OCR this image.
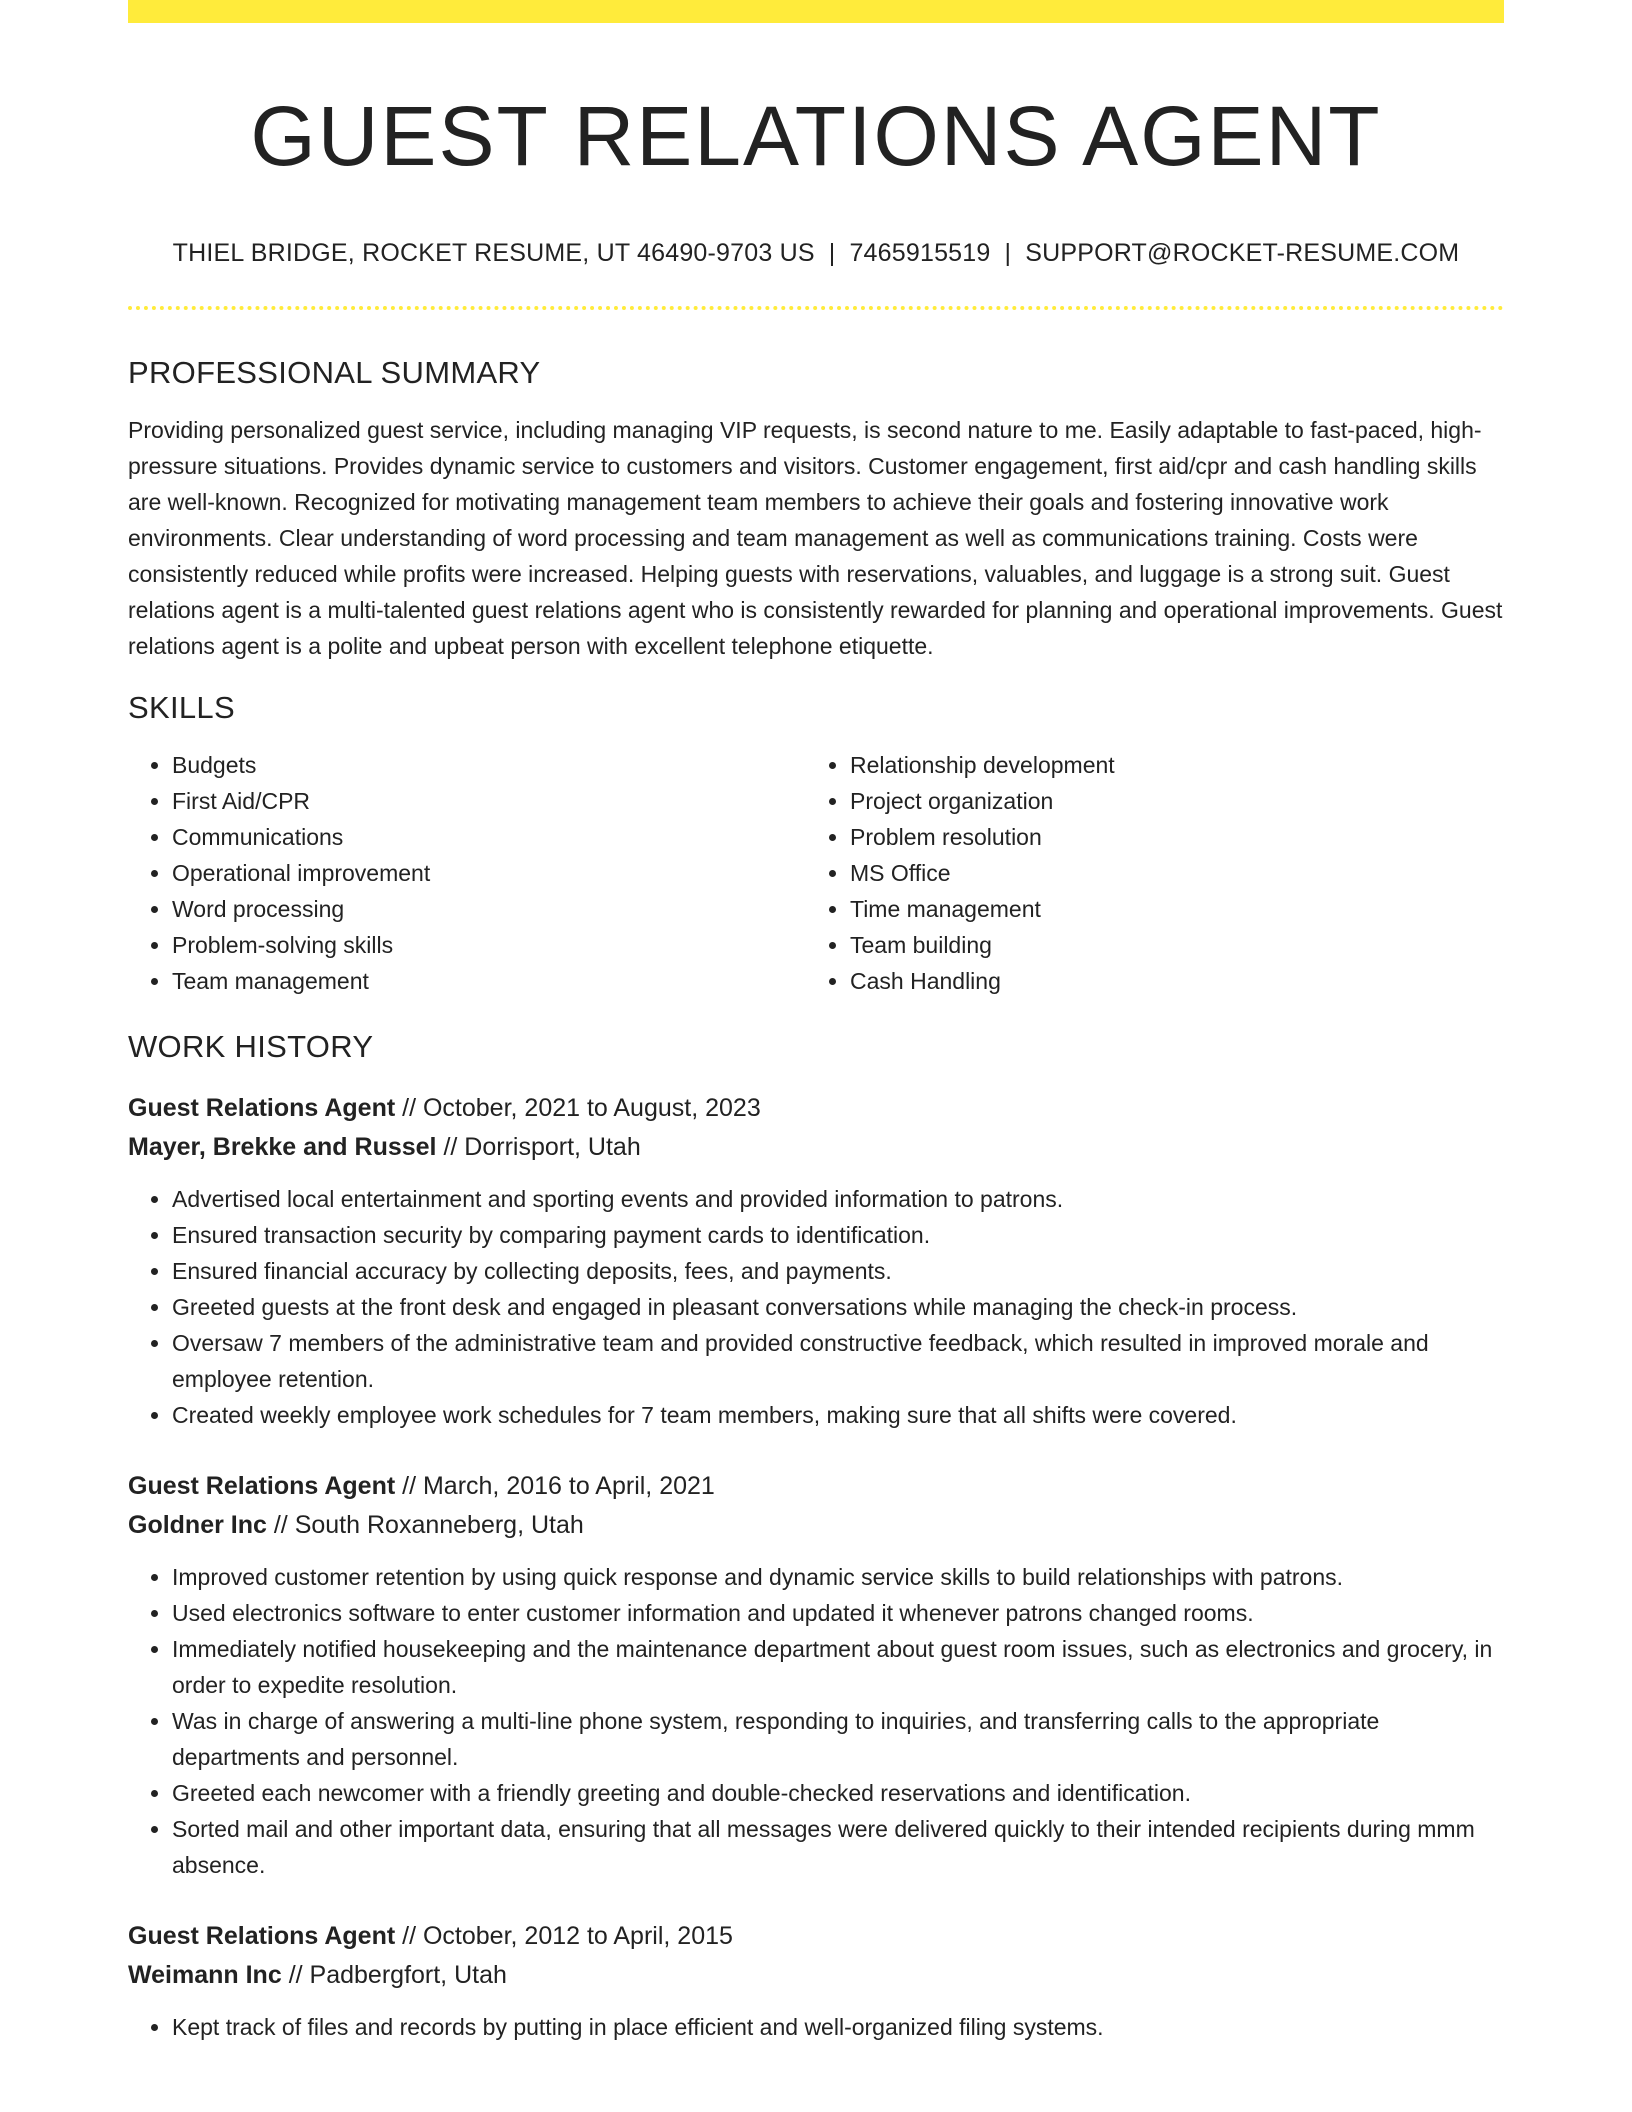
GUEST RELATIONS AGENT
THIEL BRIDGE, ROCKET RESUME, UT 46490-9703 US | 7465915519 | SUPPORT@ROCKET-RESUME.COM
PROFESSIONAL SUMMARY

Providing personalized guest service, including managing VIP requests, is second nature to me. Easily adaptable to fast-paced, high-pressure situations. Provides dynamic service to customers and visitors. Customer engagement, first aid/cpr and cash handling skills are well-known. Recognized for motivating management team members to achieve their goals and fostering innovative work environments. Clear understanding of word processing and team management as well as communications training. Costs were consistently reduced while profits were increased. Helping guests with reservations, valuables, and luggage is a strong suit. Guest relations agent is a multi-talented guest relations agent who is consistently rewarded for planning and operational improvements. Guest relations agent is a polite and upbeat person with excellent telephone etiquette.

SKILLS
• Budgets
• First Aid/CPR
• Communications
• Operational improvement
• Word processing
• Problem-solving skills
• Team management
• Relationship development
• Project organization
• Problem resolution
• MS Office
• Time management
• Team building
• Cash Handling
WORK HISTORY
Guest Relations Agent // October, 2021 to August, 2023
Mayer, Brekke and Russel // Dorrisport, Utah
• Advertised local entertainment and sporting events and provided information to patrons.
• Ensured transaction security by comparing payment cards to identification.
• Ensured financial accuracy by collecting deposits, fees, and payments.
• Greeted guests at the front desk and engaged in pleasant conversations while managing the check-in process.
• Oversaw 7 members of the administrative team and provided constructive feedback, which resulted in improved morale and employee retention.
• Created weekly employee work schedules for 7 team members, making sure that all shifts were covered.
Guest Relations Agent // March, 2016 to April, 2021
Goldner Inc // South Roxanneberg, Utah
• Improved customer retention by using quick response and dynamic service skills to build relationships with patrons.
• Used electronics software to enter customer information and updated it whenever patrons changed rooms.
• Immediately notified housekeeping and the maintenance department about guest room issues, such as electronics and grocery, in order to expedite resolution.
• Was in charge of answering a multi-line phone system, responding to inquiries, and transferring calls to the appropriate departments and personnel.
• Greeted each newcomer with a friendly greeting and double-checked reservations and identification.
• Sorted mail and other important data, ensuring that all messages were delivered quickly to their intended recipients during mmm absence.
Guest Relations Agent // October, 2012 to April, 2015
Weimann Inc // Padbergfort, Utah
• Kept track of files and records by putting in place efficient and well-organized filing systems.
